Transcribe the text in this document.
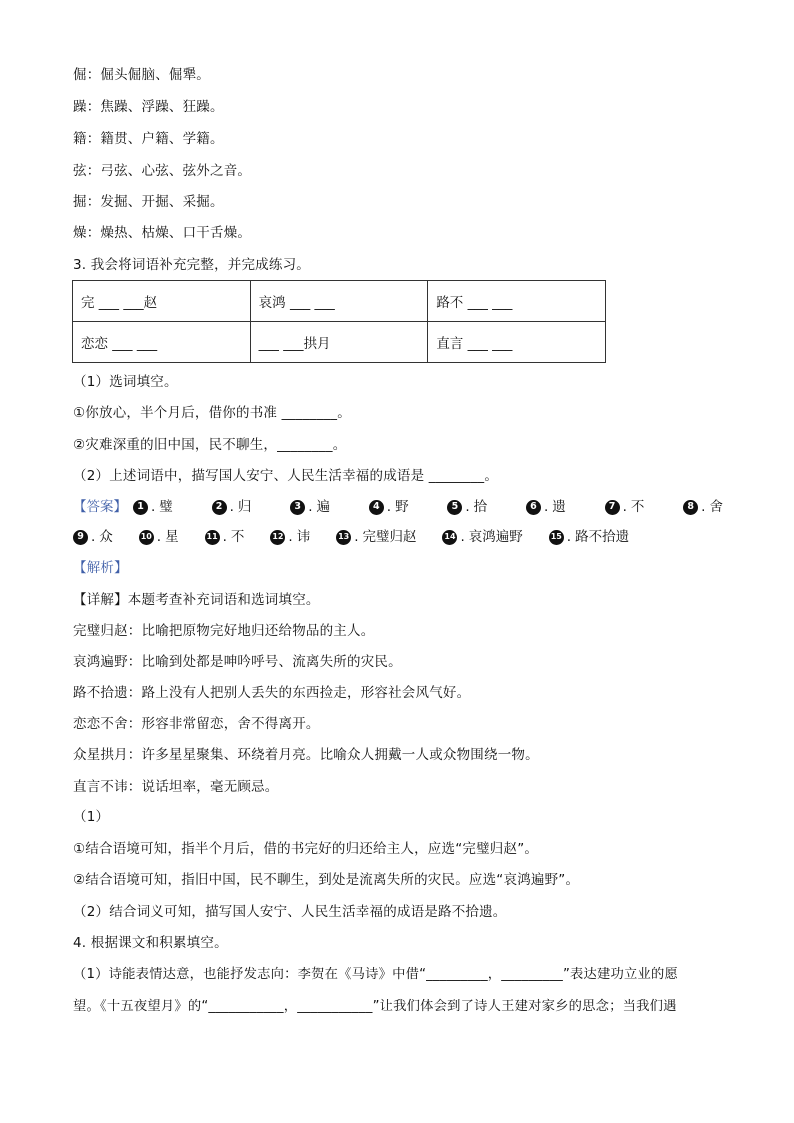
倔：倔头倔脑、倔犟。
躁：焦躁、浮躁、狂躁。
籍：籍贯、户籍、学籍。
弦：弓弦、心弦、弦外之音。
掘：发掘、开掘、采掘。
燥：燥热、枯燥、口干舌燥。
3. 我会将词语补充完整，并完成练习。
完 ___ ___赵	哀鸿 ___ ___	路不 ___ ___
恋恋 ___ ___	___ ___拱月	直言 ___ ___
（1）选词填空。
①你放心，半个月后，借你的书准 ________。
②灾难深重的旧中国，民不聊生，________。
（2）上述词语中，描写国人安宁、人民生活幸福的成语是 ________。
【答案】	1 . 璧	2 . 归	3 . 遍	4 . 野	5 . 拾	6 . 遗	7 . 不	8 . 舍
9 . 众	10 . 星	11 . 不	12 . 讳	13 . 完璧归赵	14 . 哀鸿遍野	15 . 路不拾遗
【解析】
【详解】本题考查补充词语和选词填空。
完璧归赵：比喻把原物完好地归还给物品的主人。
哀鸿遍野：比喻到处都是呻吟呼号、流离失所的灾民。
路不拾遗：路上没有人把别人丢失的东西捡走，形容社会风气好。
恋恋不舍：形容非常留恋，舍不得离开。
众星拱月：许多星星聚集、环绕着月亮。比喻众人拥戴一人或众物围绕一物。
直言不讳：说话坦率，毫无顾忌。
（1）
①结合语境可知，指半个月后，借的书完好的归还给主人，应选“完璧归赵”。
②结合语境可知，指旧中国，民不聊生，到处是流离失所的灾民。应选“哀鸿遍野”。
（2）结合词义可知，描写国人安宁、人民生活幸福的成语是路不拾遗。
4. 根据课文和积累填空。
（1）诗能表情达意，也能抒发志向：李贺在《马诗》中借“_________，_________”表达建功立业的愿
望。《十五夜望月》的“___________，___________”让我们体会到了诗人王建对家乡的思念；当我们遇
